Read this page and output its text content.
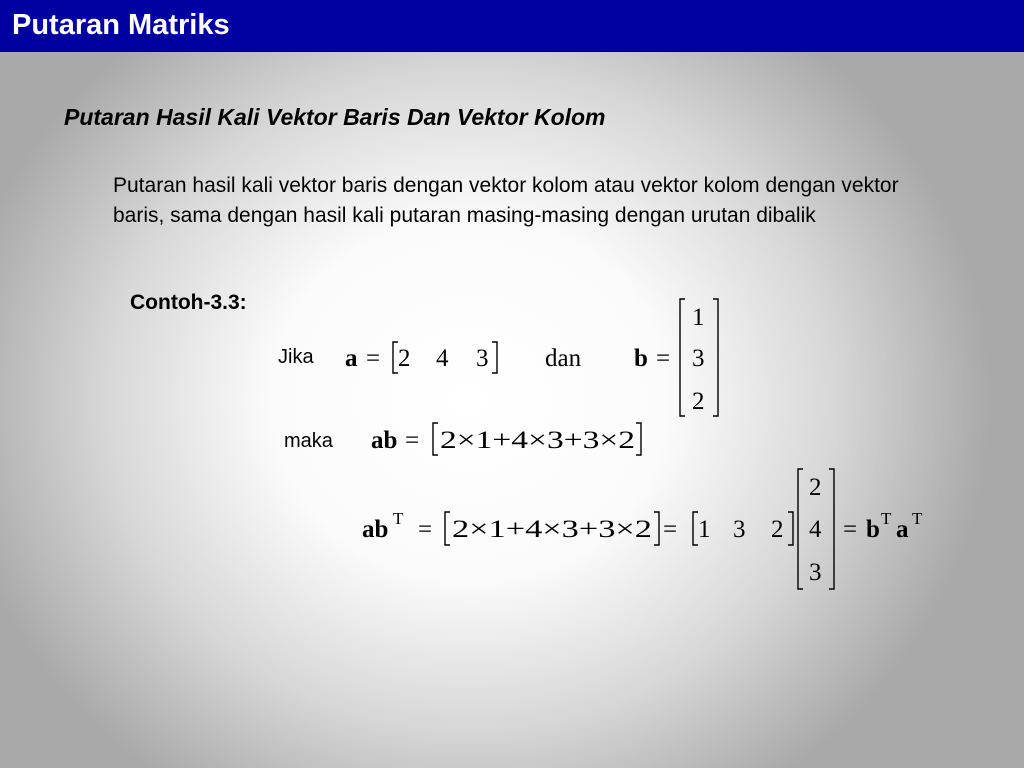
Putaran Matriks
Putaran Hasil Kali Vektor Baris Dan Vektor Kolom
Putaran hasil kali vektor baris dengan vektor kolom atau vektor kolom dengan vektor baris, sama dengan hasil kali putaran masing-masing dengan urutan dibalik
Contoh-3.3:
Jika
maka
a = 2 4 3 dan b =
1
3
2
ab = 2×1+4×3+3×2
ab T = 2×1+4×3+3×2 = 1 3 2
2
4
3
= b T a T
